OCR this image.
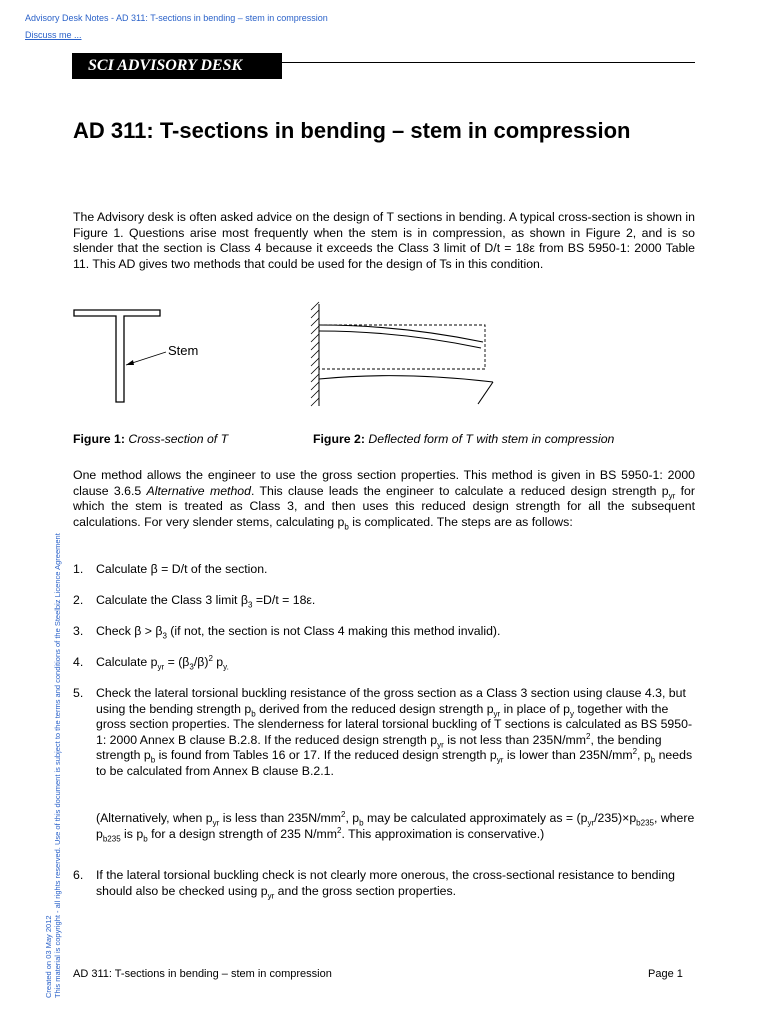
Advisory Desk Notes - AD 311: T-sections in bending – stem in compression
Discuss me ...
SCI ADVISORY DESK
AD 311: T-sections in bending – stem in compression
The Advisory desk is often asked advice on the design of T sections in bending. A typical cross-section is shown in Figure 1. Questions arise most frequently when the stem is in compression, as shown in Figure 2, and is so slender that the section is Class 4 because it exceeds the Class 3 limit of D/t = 18ε from BS 5950-1: 2000 Table 11. This AD gives two methods that could be used for the design of Ts in this condition.
Stem
Figure 1: Cross-section of T	Figure 2: Deflected form of T with stem in compression
One method allows the engineer to use the gross section properties. This method is given in BS 5950-1: 2000 clause 3.6.5 Alternative method. This clause leads the engineer to calculate a reduced design strength $p_{yr}$ for which the stem is treated as Class 3, and then uses this reduced design strength for all the subsequent calculations. For very slender stems, calculating $p_b$ is complicated. The steps are as follows:
1. Calculate β = D/t of the section.
2. Calculate the Class 3 limit $\beta_3 =D/t = 18\varepsilon$.
3. Check $\beta > \beta_3$ (if not, the section is not Class 4 making this method invalid).
4. Calculate $p_{yr} = (\beta_3/\beta)^2$ $p_{y.}$
5. Check the lateral torsional buckling resistance of the gross section as a Class 3 section using clause 4.3, but using the bending strength $p_b$ derived from the reduced design strength $p_{yr}$ in place of $p_y$ together with the gross section properties. The slenderness for lateral torsional buckling of T sections is calculated as BS 5950-1: 2000 Annex B clause B.2.8. If the reduced design strength $p_{yr}$ is not less than $235N/mm^2$, the bending strength $p_b$ is found from Tables 16 or 17. If the reduced design strength $p_{yr}$ is lower than $235N/mm^2$, $p_b$ needs to be calculated from Annex B clause B.2.1.
(Alternatively, when $p_{yr}$ is less than $235N/mm^2$, $p_b$ may be calculated approximately as = $(p_{yr}/235)\times p_{b235}$, where $p_{b235}$ is $p_b$ for a design strength of 235 $N/mm^2$. This approximation is conservative.)
6. If the lateral torsional buckling check is not clearly more onerous, the cross-sectional resistance to bending should also be checked using $p_{yr}$ and the gross section properties.
Created on 03 May 2012 This material is copyright - all rights reserved. Use of this document is subject to the terms and conditions of the Steelbiz Licence Agreement AD 311: T-sections in bending – stem in compression	Page 1
